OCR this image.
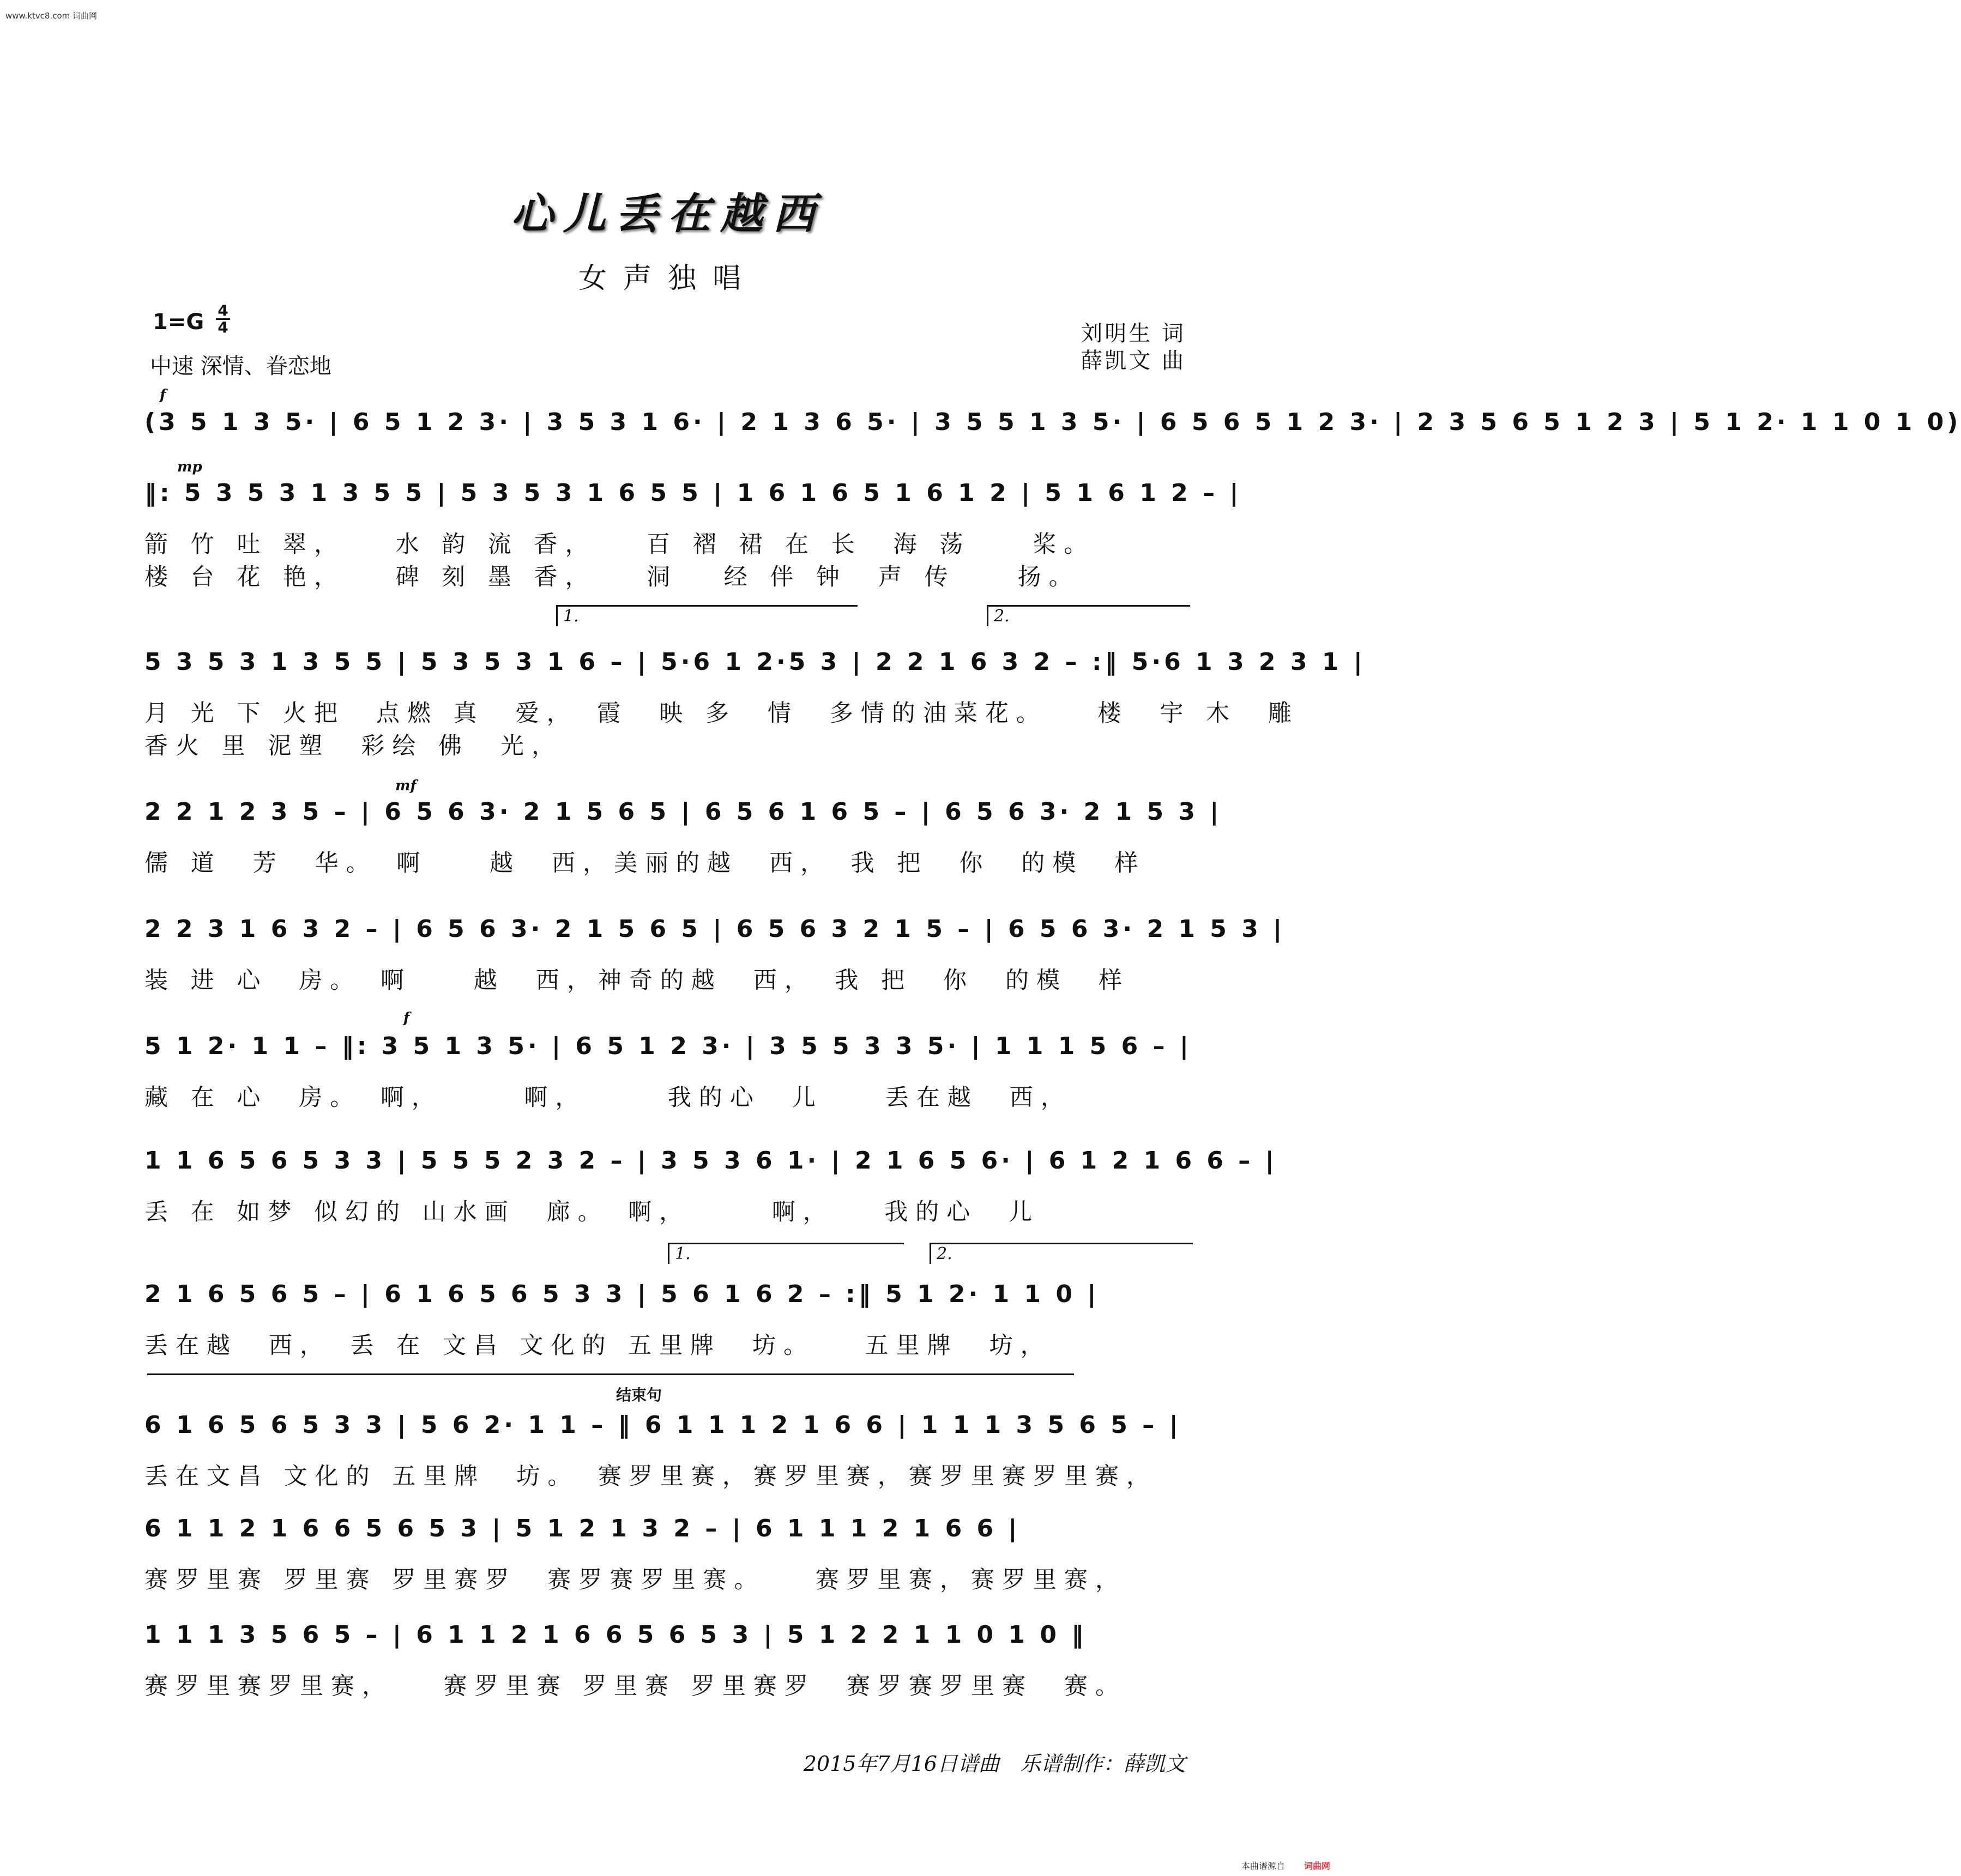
www.ktvc8.com 词曲网
心儿丢在越西
女声独唱
1=G 4
4
中速 深情、眷恋地
刘明生 词
薛凯文 曲
f
(3 5 1 3 5· | 6 5 1 2 3· | 3 5 3 1 6· | 2 1 3 6 5· | 3 5 5 1 3 5· | 6 5 6 5 1 2 3· | 2 3 5 6 5 1 2 3 | 5 1 2· 1 1 0 1 0)
mp
‖: 5 3 5 3 1 3 5 5 | 5 3 5 3 1 6 5 5 | 1 6 1 6 5 1 6 1 2 | 5 1 6 1 2 – |
箭 竹 吐 翠，　　水 韵 流 香，　　百 褶 裙 在 长　海 荡　　桨。
楼 台 花 艳，　　碑 刻 墨 香，　　洞　 经 伴 钟　声 传　　扬。
1.	2.
5 3 5 3 1 3 5 5 | 5 3 5 3 1 6 – | 5·6 1 2·5 3 | 2 2 1 6 3 2 – :‖ 5·6 1 3 2 3 1 |
月 光 下 火把　点燃 真　爱，　霞　映 多　情　多情的油菜花。　　楼　宇 木　雕
香火 里 泥塑　彩绘 佛　光，
mf
2 2 1 2 3 5 – | 6 5 6 3· 2 1 5 6 5 | 6 5 6 1 6 5 – | 6 5 6 3· 2 1 5 3 |
儒 道　芳　华。　啊　　越　西，美丽的越　西，　我 把　你　的模　样
2 2 3 1 6 3 2 – | 6 5 6 3· 2 1 5 6 5 | 6 5 6 3 2 1 5 – | 6 5 6 3· 2 1 5 3 |
装 进 心　房。　啊　　越　西，神奇的越　西，　我 把　你　的模　样
f
5 1 2· 1 1 – ‖: 3 5 1 3 5· | 6 5 1 2 3· | 3 5 5 3 3 5· | 1 1 1 5 6 – |
藏 在 心　房。　啊，　　　啊，　　　我的心　儿　　丢在越　西，
1 1 6 5 6 5 3 3 | 5 5 5 2 3 2 – | 3 5 3 6 1· | 2 1 6 5 6· | 6 1 2 1 6 6 – |
丢 在 如梦 似幻的 山水画　廊。　啊，　　　啊，　　我的心　儿
1.	2.
2 1 6 5 6 5 – | 6 1 6 5 6 5 3 3 | 5 6 1 6 2 – :‖ 5 1 2· 1 1 0 |
丢在越　西，　丢 在 文昌 文化的 五里牌　坊。　　五里牌　坊，
结束句
6 1 6 5 6 5 3 3 | 5 6 2· 1 1 – ‖ 6 1 1 1 2 1 6 6 | 1 1 1 3 5 6 5 – |
丢在文昌 文化的 五里牌　坊。　赛罗里赛，赛罗里赛，赛罗里赛罗里赛，
6 1 1 2 1 6 6 5 6 5 3 | 5 1 2 1 3 2 – | 6 1 1 1 2 1 6 6 |
赛罗里赛 罗里赛 罗里赛罗　赛罗赛罗里赛。　　赛罗里赛，赛罗里赛，
1 1 1 3 5 6 5 – | 6 1 1 2 1 6 6 5 6 5 3 | 5 1 2 2 1 1 0 1 0 ‖
赛罗里赛罗里赛，　　赛罗里赛 罗里赛 罗里赛罗　赛罗赛罗里赛　赛。
2015年7月16日谱曲　乐谱制作：薛凯文
本曲谱源自 词曲网
